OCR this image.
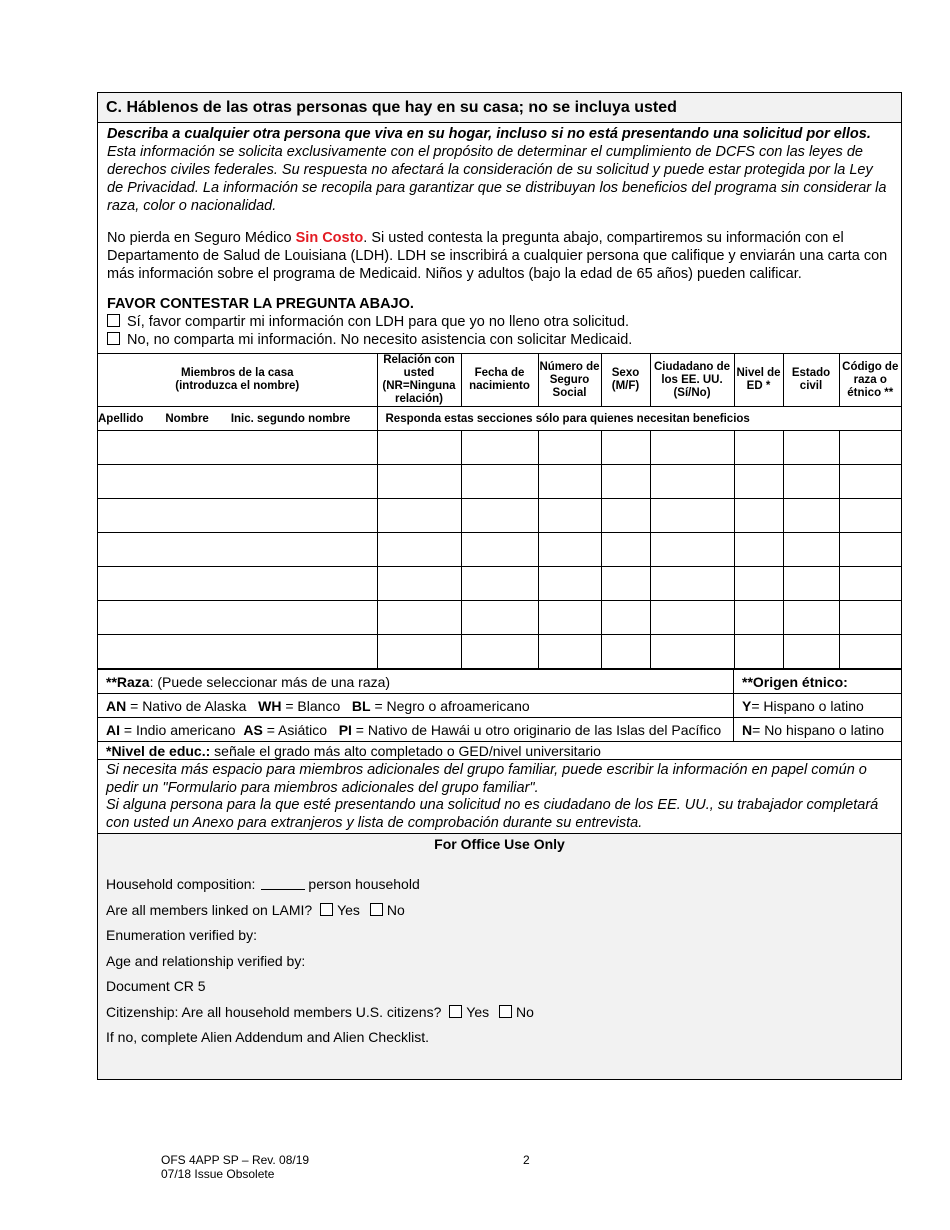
C. Háblenos de las otras personas que hay en su casa; no se incluya usted
Describa a cualquier otra persona que viva en su hogar, incluso si no está presentando una solicitud por ellos. Esta información se solicita exclusivamente con el propósito de determinar el cumplimiento de DCFS con las leyes de derechos civiles federales. Su respuesta no afectará la consideración de su solicitud y puede estar protegida por la Ley de Privacidad. La información se recopila para garantizar que se distribuyan los beneficios del programa sin considerar la raza, color o nacionalidad.
No pierda en Seguro Médico Sin Costo. Si usted contesta la pregunta abajo, compartiremos su información con el Departamento de Salud de Louisiana (LDH). LDH se inscribirá a cualquier persona que califique y enviarán una carta con más información sobre el programa de Medicaid. Niños y adultos (bajo la edad de 65 años) pueden calificar.
FAVOR CONTESTAR LA PREGUNTA ABAJO.
Sí, favor compartir mi información con LDH para que yo no lleno otra solicitud.
No, no comparta mi información. No necesito asistencia con solicitar Medicaid.
Miembros de la casa
(introduzca el nombre)	Relación con usted (NR=Ninguna relación)	Fecha de nacimiento	Número de Seguro Social	Sexo (M/F)	Ciudadano de los EE. UU. (Sí/No)	Nivel de ED *	Estado civil	Código de raza o étnico **
Apellido Nombre Inic. segundo nombre	Responda estas secciones sólo para quienes necesitan beneficios							

**Raza: (Puede seleccionar más de una raza)	**Origen étnico:
AN = Nativo de Alaska   WH = Blanco   BL = Negro o afroamericano	Y = Hispano o latino
AI = Indio americano  AS = Asiático   PI = Nativo de Hawái u otro originario de las Islas del Pacífico	N = No hispano o latino
*Nivel de educ.: señale el grado más alto completado o GED/nivel universitario
Si necesita más espacio para miembros adicionales del grupo familiar, puede escribir la información en papel común o pedir un "Formulario para miembros adicionales del grupo familiar".
Si alguna persona para la que esté presentando una solicitud no es ciudadano de los EE. UU., su trabajador completará con usted un Anexo para extranjeros y lista de comprobación durante su entrevista.
For Office Use Only
Household composition:	person household
Are all members linked on LAMI? Yes No
Enumeration verified by:
Age and relationship verified by:
Document CR 5
Citizenship: Are all household members U.S. citizens? Yes No
If no, complete Alien Addendum and Alien Checklist.
OFS 4APP SP – Rev. 08/19
07/18 Issue Obsolete
2
